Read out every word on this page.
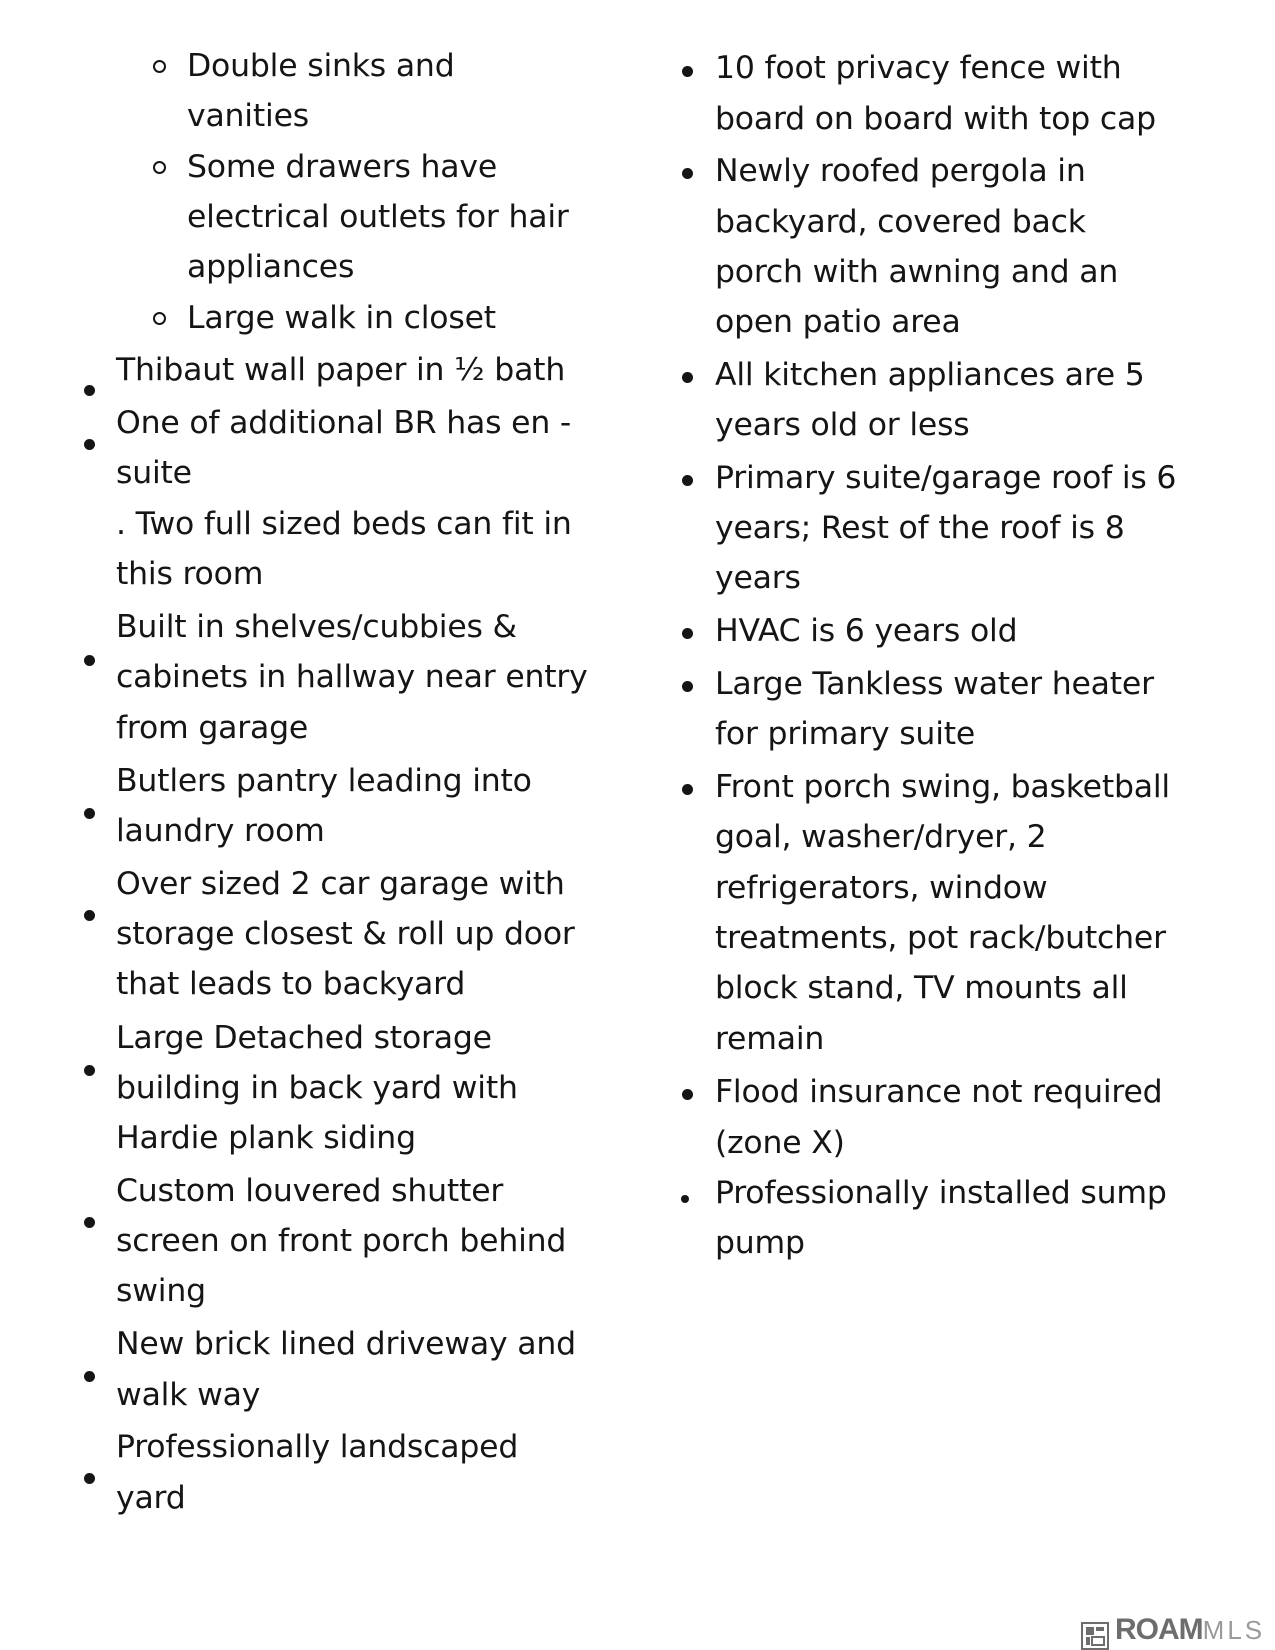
Double sinks and
vanities
Some drawers have
electrical outlets for hair
appliances
Large walk in closet
Thibaut wall paper in ½ bath
One of additional BR has en -
suite
. Two full sized beds can fit in
this room
Built in shelves/cubbies &
cabinets in hallway near entry
from garage
Butlers pantry leading into
laundry room
Over sized 2 car garage with
storage closest & roll up door
that leads to backyard
Large Detached storage
building in back yard with
Hardie plank siding
Custom louvered shutter
screen on front porch behind
swing
New brick lined driveway and
walk way
Professionally landscaped
yard
10 foot privacy fence with
board on board with top cap
Newly roofed pergola in
backyard, covered back
porch with awning and an
open patio area
All kitchen appliances are 5
years old or less
Primary suite/garage roof is 6
years; Rest of the roof is 8
years
HVAC is 6 years old
Large Tankless water heater
for primary suite
Front porch swing, basketball
goal, washer/dryer, 2
refrigerators, window
treatments, pot rack/butcher
block stand, TV mounts all
remain
Flood insurance not required
(zone X)
Professionally installed sump
pump
ROAMMLS
